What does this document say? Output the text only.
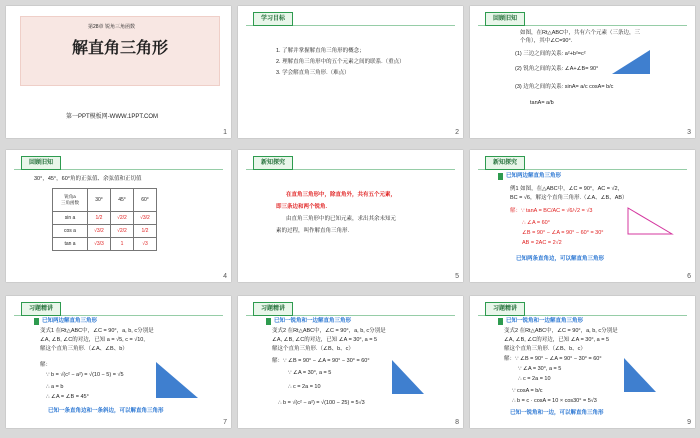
第28章 锐角三角函数
解直角三角形
第一PPT模板网-WWW.1PPT.COM
1
学习目标
1. 了解并掌握解直角三角形的概念；
2. 理解直角三角形中的五个元素之间的联系.（重点）
3. 学会解直角三角形.（难点）
2
回顾旧知
如图，在Rt△ABC中，共有六个元素（三条边，三
个角），其中∠C=90°.
(1) 三边之间的关系: a²+b²=c²
(2) 锐角之间的关系: ∠A+∠B= 90°
(3) 边角之间的关系: sinA= a/c cosA= b/c
tanA= a/b
3
回顾旧知
30°，45°，60°角的正弦值、余弦值和正切值
锐角a
三角函数	30°	45°	60°
sin a	1/2	√2/2	√3/2
cos a	√3/2	√2/2	1/2
tan a	√3/3	1	√3
4
新知探究
在直角三角形中，除直角外，共有五个元素，
即三条边和两个锐角.
由直角三角形中的已知元素，求出其余未知元
素的过程，叫作解直角三角形.
5
新知探究
已知两边解直角三角形
例1 如图，在△ABC中，∠C = 90°，AC = √2，
BC = √6，解这个直角三角形.（∠A、∠B、AB）
解：∵ tanA = BC/AC = √6/√2 = √3
∴ ∠A = 60°
∠B = 90° − ∠A = 90° − 60° = 30°
AB = 2AC = 2√2
已知两条直角边，可以解直角三角形
6
习题精讲
已知两边解直角三角形
变式1 在Rt△ABC中，∠C = 90°，a, b, c分别是
∠A, ∠B, ∠C的对边，已知 a = √5, c = √10,
解这个直角三角形.（∠A、∠B、b）
解：
∵ b = √(c² − a²) = √(10 − 5) = √5
∴ a = b
∴ ∠A = ∠B = 45°
已知一条直角边和一条斜边，可以解直角三角形
7
习题精讲
已知一锐角和一边解直角三角形
变式2 在Rt△ABC中，∠C = 90°，a, b, c分别是
∠A, ∠B, ∠C的对边，已知 ∠A = 30°, a = 5
解这个直角三角形.（∠B、b、c）
解：∵ ∠B = 90° − ∠A = 90° − 30° = 60°
∵ ∠A = 30°, a = 5
∴ c = 2a = 10
∴ b = √(c² − a²) = √(100 − 25) = 5√3
8
习题精讲
已知一锐角和一边解直角三角形
变式2 在Rt△ABC中，∠C = 90°，a, b, c分别是
∠A, ∠B, ∠C的对边，已知 ∠A = 30°, a = 5
解这个直角三角形.（∠B、b、c）
解：∵ ∠B = 90° − ∠A = 90° − 30° = 60°
∵ ∠A = 30°, a = 5
∴ c = 2a = 10
∵ cosA = b/c
∴ b = c · cosA = 10 × cos30° = 5√3
已知一锐角和一边，可以解直角三角形
9
